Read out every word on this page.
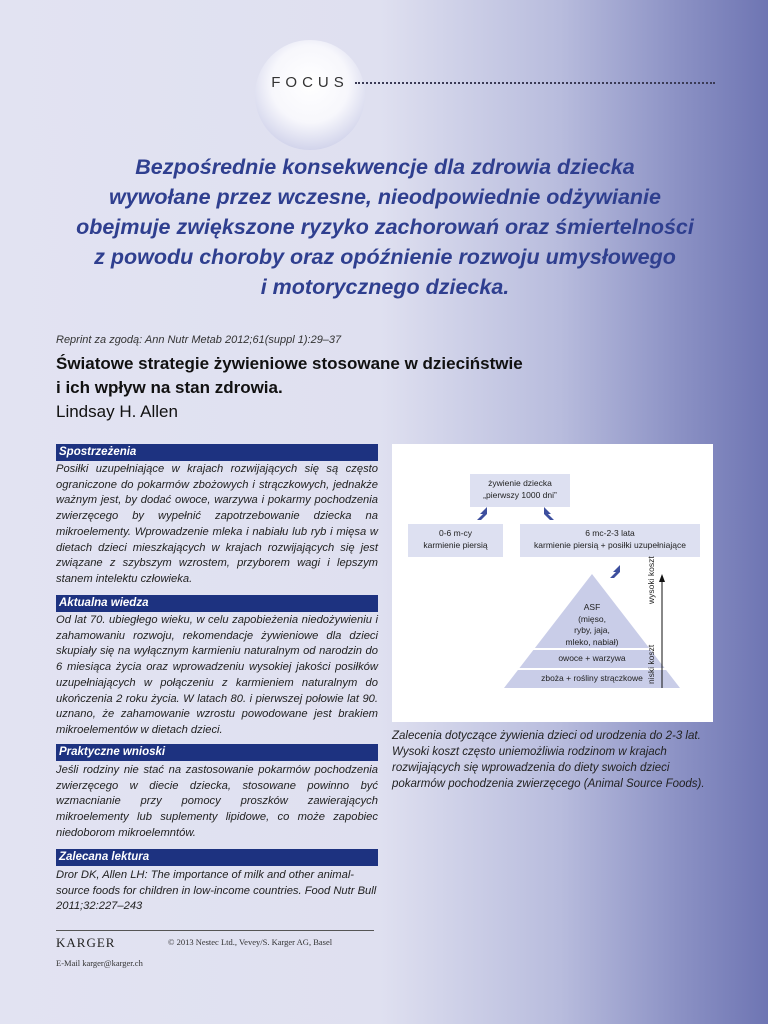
FOCUS
Bezpośrednie konsekwencje dla zdrowia dziecka
wywołane przez wczesne, nieodpowiednie odżywianie
obejmuje zwiększone ryzyko zachorowań oraz śmiertelności
z powodu choroby oraz opóźnienie rozwoju umysłowego
i motorycznego dziecka.
Reprint za zgodą: Ann Nutr Metab 2012;61(suppl 1):29–37
Światowe strategie żywieniowe stosowane w dzieciństwie
i ich wpływ na stan zdrowia.
Lindsay H. Allen
Spostrzeżenia
Posiłki uzupełniające w krajach rozwijających się są często ograniczone do pokarmów zbożowych i strączkowych, jednakże ważnym jest, by dodać owoce, warzywa i pokarmy pochodzenia zwierzęcego by wypełnić zapotrzebowanie dziecka na mikroelementy. Wprowadzenie mleka i nabiału lub ryb i mięsa w dietach dzieci mieszkających w krajach rozwijających się jest związane z szybszym wzrostem, przyborem wagi i lepszym stanem intelektu człowieka.
Aktualna wiedza
Od lat 70. ubiegłego wieku, w celu zapobieżenia niedożywieniu i zahamowaniu rozwoju, rekomendacje żywieniowe dla dzieci skupiały się na wyłącznym karmieniu naturalnym od narodzin do 6 miesiąca życia oraz wprowadzeniu wysokiej jakości posiłków uzupełniających w połączeniu z karmieniem naturalnym do ukończenia 2 roku życia. W latach 80. i pierwszej połowie lat 90. uznano, że zahamowanie wzrostu powodowane jest brakiem mikroelementów w dietach dzieci.
Praktyczne wnioski
Jeśli rodziny nie stać na zastosowanie pokarmów pochodzenia zwierzęcego w diecie dziecka, stosowane powinno być wzmacnianie przy pomocy proszków zawierających mikroelementy lub suplementy lipidowe, co może zapobiec niedoborom mikroelemntów.
Zalecana lektura
Dror DK, Allen LH: The importance of milk and other animal-source foods for children in low-income countries. Food Nutr Bull 2011;32:227–243
żywienie dziecka
„pierwszy 1000 dni”
0-6 m-cy
karmienie piersią
6 mc-2-3 lata
karmienie piersią + posiłki uzupełniające
ASF
(mięso,
ryby, jaja,
mleko, nabiał)
owoce + warzywa
zboża + rośliny strączkowe
wysoki koszt
niski koszt
Zalecenia dotyczące żywienia dzieci od urodzenia do 2-3 lat. Wysoki koszt często uniemożliwia rodzinom w krajach rozwijających się wprowadzenia do diety swoich dzieci pokarmów pochodzenia zwierzęcego (Animal Source Foods).
KARGER	© 2013 Nestec Ltd., Vevey/S. Karger AG, Basel
E-Mail karger@karger.ch
